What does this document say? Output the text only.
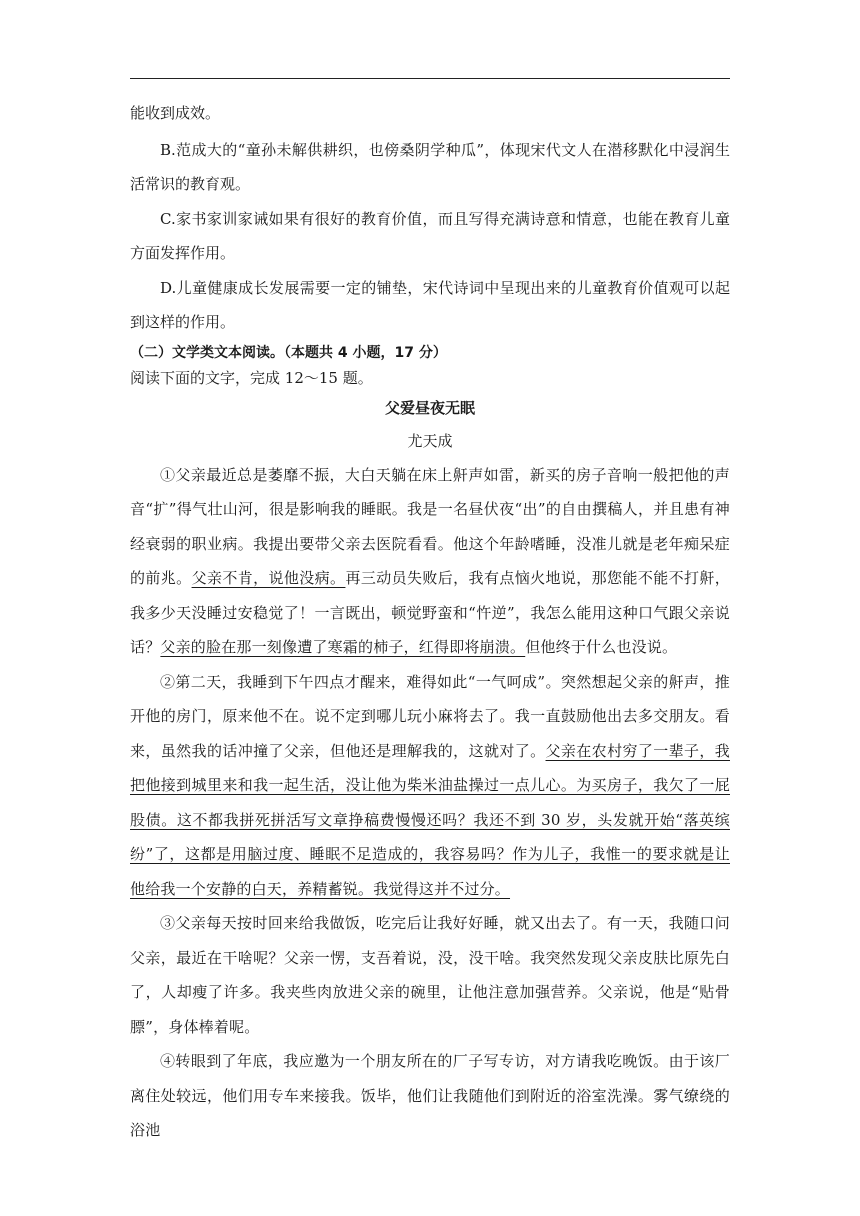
能收到成效。

B.范成大的“童孙未解供耕织，也傍桑阴学种瓜”，体现宋代文人在潜移默化中浸润生活常识的教育观。

C.家书家训家诫如果有很好的教育价值，而且写得充满诗意和情意，也能在教育儿童方面发挥作用。

D.儿童健康成长发展需要一定的铺垫，宋代诗词中呈现出来的儿童教育价值观可以起到这样的作用。

（二）文学类文本阅读。（本题共 4 小题，17 分）

阅读下面的文字，完成 12～15 题。

父爱昼夜无眠

尤天成

①父亲最近总是萎靡不振，大白天躺在床上鼾声如雷，新买的房子音响一般把他的声音“扩”得气壮山河，很是影响我的睡眠。我是一名昼伏夜“出”的自由撰稿人，并且患有神经衰弱的职业病。我提出要带父亲去医院看看。他这个年龄嗜睡，没准儿就是老年痴呆症的前兆。父亲不肯，说他没病。再三动员失败后，我有点恼火地说，那您能不能不打鼾，我多少天没睡过安稳觉了！一言既出，顿觉野蛮和“忤逆”，我怎么能用这种口气跟父亲说话？父亲的脸在那一刻像遭了寒霜的柿子，红得即将崩溃。但他终于什么也没说。

②第二天，我睡到下午四点才醒来，难得如此“一气呵成”。突然想起父亲的鼾声，推开他的房门，原来他不在。说不定到哪儿玩小麻将去了。我一直鼓励他出去多交朋友。看来，虽然我的话冲撞了父亲，但他还是理解我的，这就对了。父亲在农村穷了一辈子，我把他接到城里来和我一起生活，没让他为柴米油盐操过一点儿心。为买房子，我欠了一屁股债。这不都我拼死拼活写文章挣稿费慢慢还吗？我还不到 30 岁，头发就开始“落英缤纷”了，这都是用脑过度、睡眠不足造成的，我容易吗？作为儿子，我惟一的要求就是让他给我一个安静的白天，养精蓄锐。我觉得这并不过分。

③父亲每天按时回来给我做饭，吃完后让我好好睡，就又出去了。有一天，我随口问父亲，最近在干啥呢？父亲一愣，支吾着说，没，没干啥。我突然发现父亲皮肤比原先白了，人却瘦了许多。我夹些肉放进父亲的碗里，让他注意加强营养。父亲说，他是“贴骨膘”，身体棒着呢。

④转眼到了年底，我应邀为一个朋友所在的厂子写专访，对方请我吃晚饭。由于该厂离住处较远，他们用专车来接我。饭毕，他们让我随他们到附近的浴室洗澡。雾气缭绕的浴池
